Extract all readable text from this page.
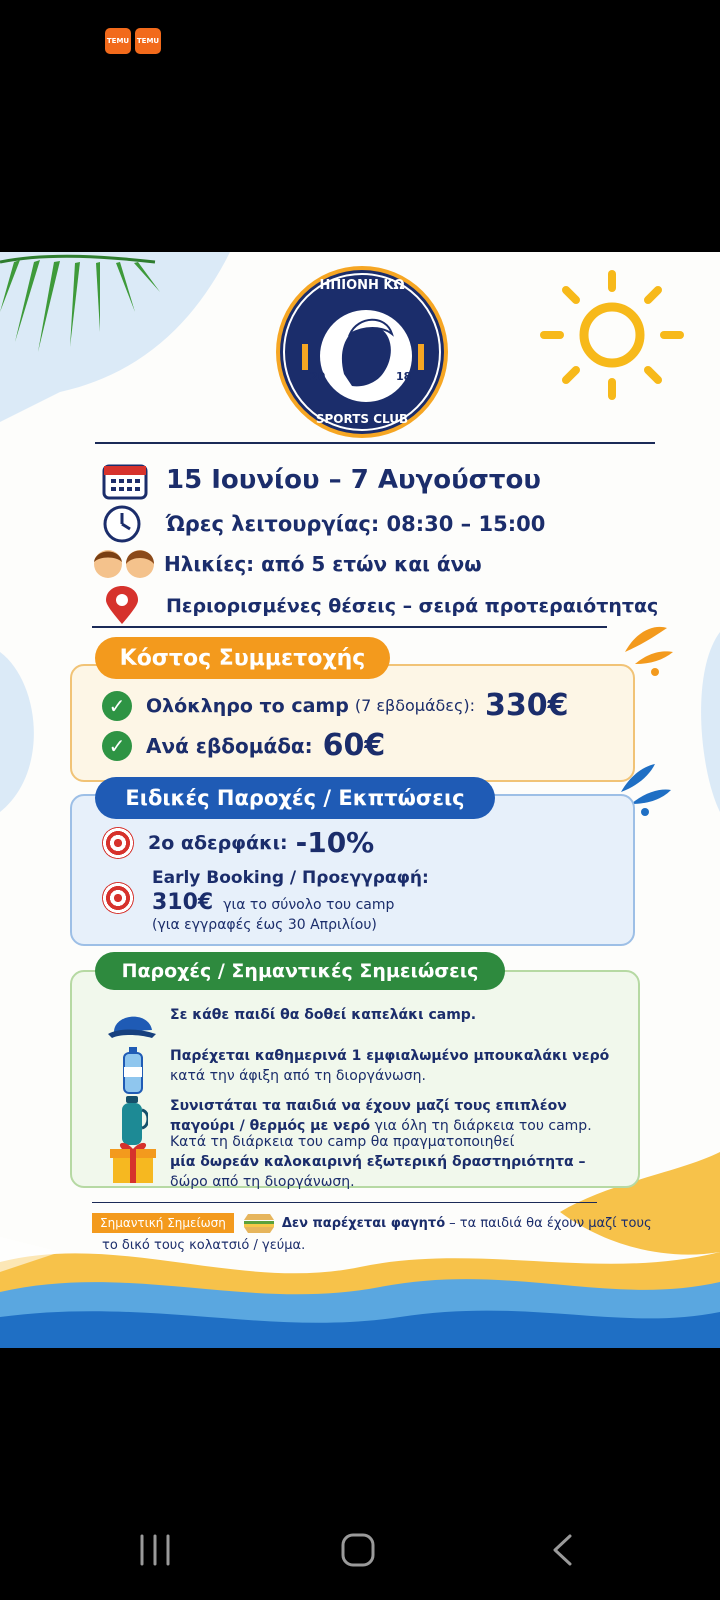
TEMU TEMU
ΗΠΙΟΝΗ ΚΩ
20	18
SPORTS CLUB
15 Ιουνίου – 7 Αυγούστου
Ώρες λειτουργίας: 08:30 – 15:00
Ηλικίες: από 5 ετών και άνω
Περιορισμένες θέσεις – σειρά προτεραιότητας
Κόστος Συμμετοχής
✓	Ολόκληρο το camp (7 εβδομάδες): 330€
✓	Ανά εβδομάδα: 60€
Ειδικές Παροχές / Εκπτώσεις
2ο αδερφάκι: -10%
Early Booking / Προεγγραφή:
310€ για το σύνολο του camp
(για εγγραφές έως 30 Απριλίου)
Παροχές / Σημαντικές Σημειώσεις
Σε κάθε παιδί θα δοθεί καπελάκι camp.
Παρέχεται καθημερινά 1 εμφιαλωμένο μπουκαλάκι νερό
κατά την άφιξη από τη διοργάνωση.
Συνιστάται τα παιδιά να έχουν μαζί τους επιπλέον
παγούρι / θερμός με νερό για όλη τη διάρκεια του camp.
Κατά τη διάρκεια του camp θα πραγματοποιηθεί
μία δωρεάν καλοκαιρινή εξωτερική δραστηριότητα –
δώρο από τη διοργάνωση.
Σημαντική Σημείωση	Δεν παρέχεται φαγητό – τα παιδιά θα έχουν μαζί τους
το δικό τους κολατσιό / γεύμα.
